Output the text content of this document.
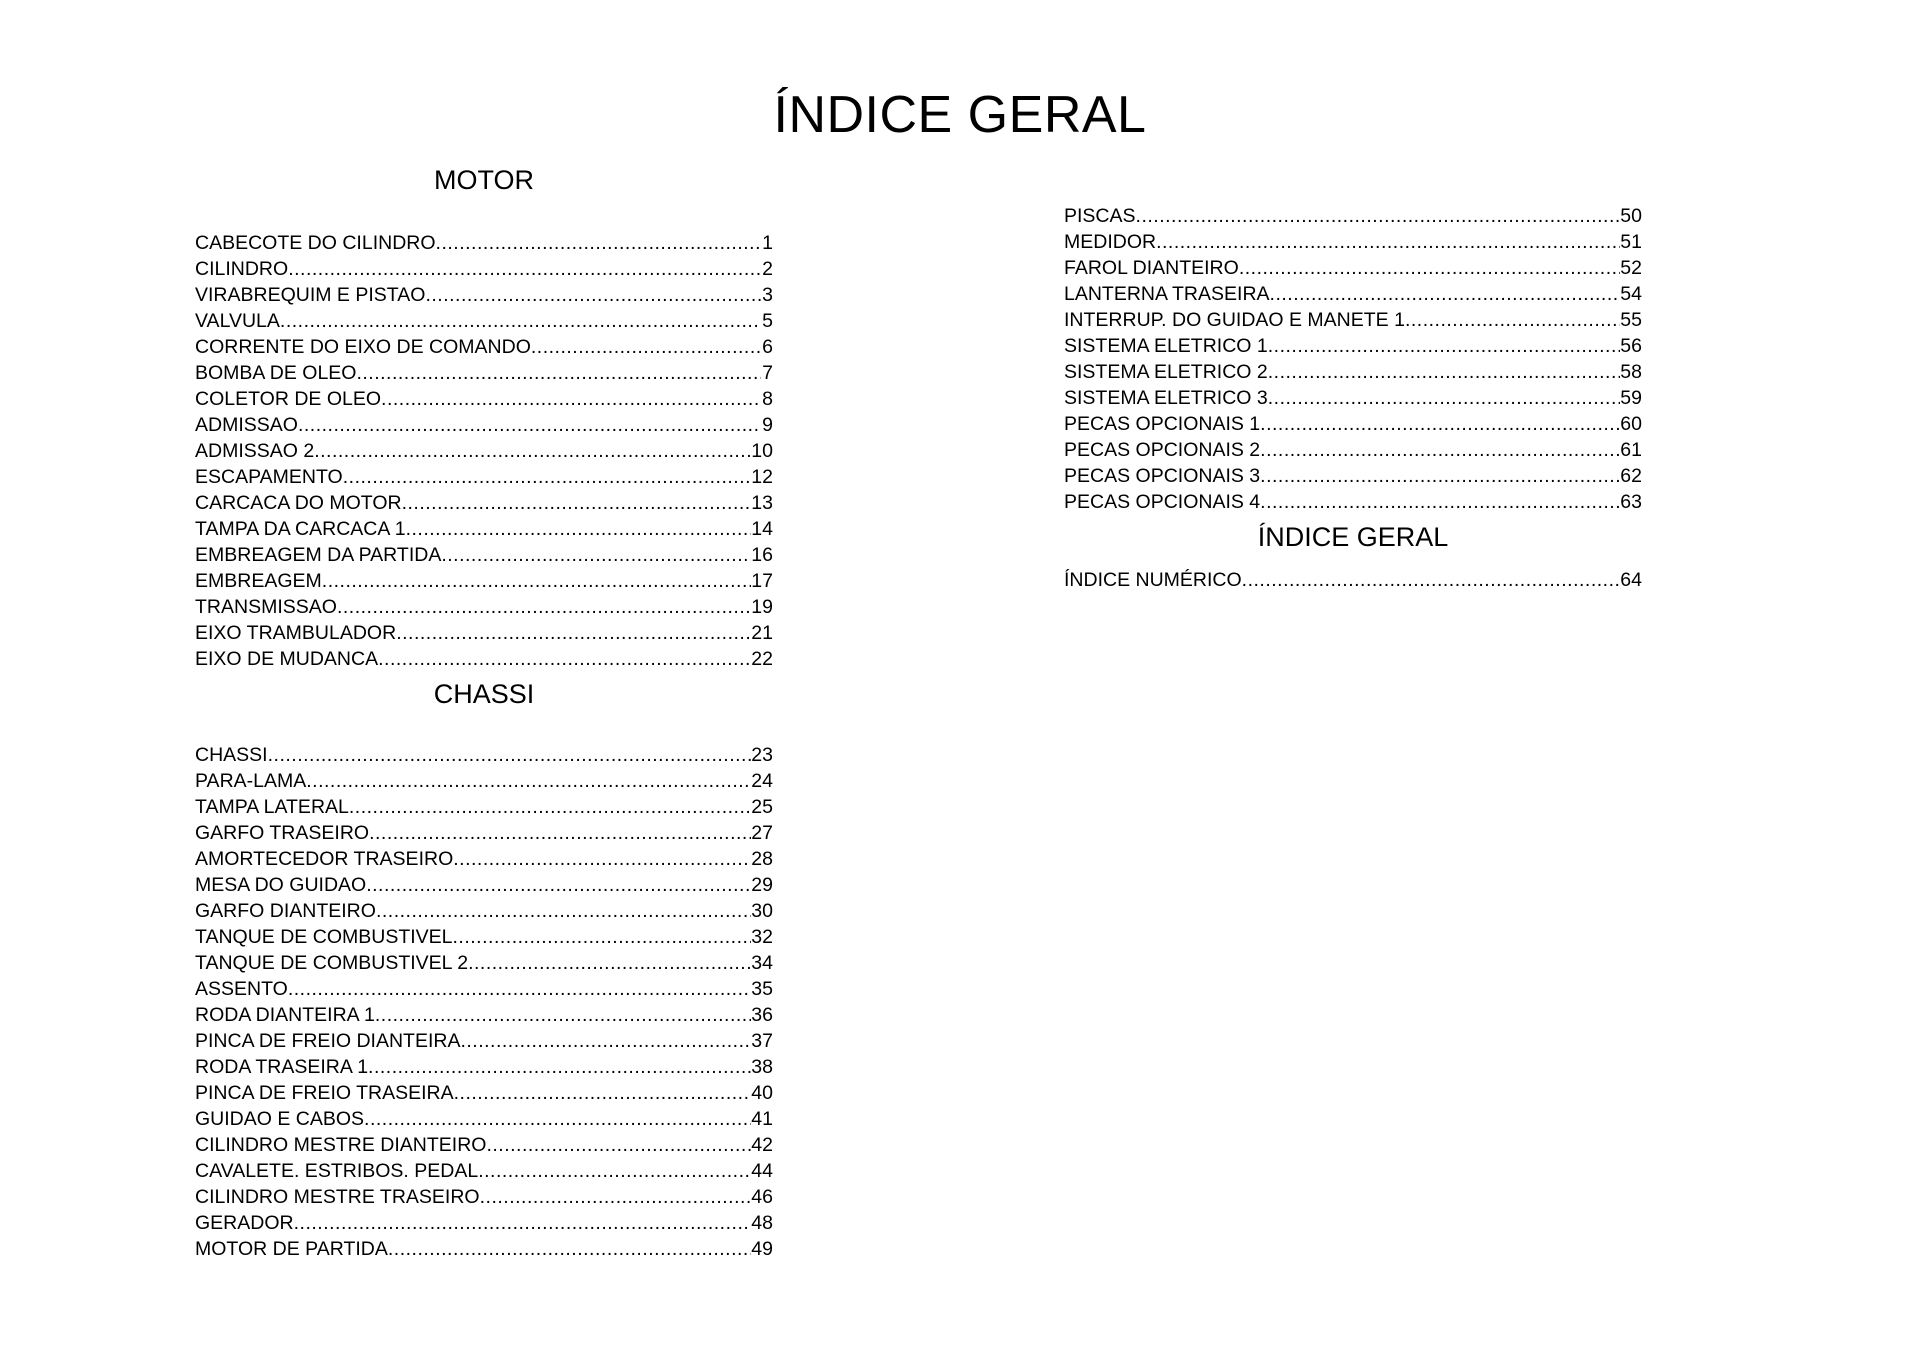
ÍNDICE GERAL
MOTOR
CABECOTE DO CILINDRO .....	1
CILINDRO .....	2
VIRABREQUIM E PISTAO .....	3
VALVULA .....	5
CORRENTE DO EIXO DE COMANDO .....	6
BOMBA DE OLEO .....	7
COLETOR DE OLEO .....	8
ADMISSAO .....	9
ADMISSAO 2 .....	10
ESCAPAMENTO .....	12
CARCACA DO MOTOR .....	13
TAMPA DA CARCACA 1 .....	14
EMBREAGEM DA PARTIDA .....	16
EMBREAGEM .....	17
TRANSMISSAO .....	19
EIXO TRAMBULADOR .....	21
EIXO DE MUDANCA .....	22
CHASSI
CHASSI .....	23
PARA-LAMA .....	24
TAMPA LATERAL .....	25
GARFO TRASEIRO .....	27
AMORTECEDOR TRASEIRO .....	28
MESA DO GUIDAO .....	29
GARFO DIANTEIRO .....	30
TANQUE DE COMBUSTIVEL .....	32
TANQUE DE COMBUSTIVEL 2 .....	34
ASSENTO .....	35
RODA DIANTEIRA 1 .....	36
PINCA DE FREIO DIANTEIRA .....	37
RODA TRASEIRA 1 .....	38
PINCA DE FREIO TRASEIRA .....	40
GUIDAO E CABOS .....	41
CILINDRO MESTRE DIANTEIRO .....	42
CAVALETE. ESTRIBOS. PEDAL .....	44
CILINDRO MESTRE TRASEIRO .....	46
GERADOR .....	48
MOTOR DE PARTIDA .....	49
PISCAS .....	50
MEDIDOR .....	51
FAROL DIANTEIRO .....	52
LANTERNA TRASEIRA .....	54
INTERRUP. DO GUIDAO E MANETE 1 .....	55
SISTEMA ELETRICO 1 .....	56
SISTEMA ELETRICO 2 .....	58
SISTEMA ELETRICO 3 .....	59
PECAS OPCIONAIS 1 .....	60
PECAS OPCIONAIS 2 .....	61
PECAS OPCIONAIS 3 .....	62
PECAS OPCIONAIS 4 .....	63
ÍNDICE GERAL
ÍNDICE NUMÉRICO .....	64
